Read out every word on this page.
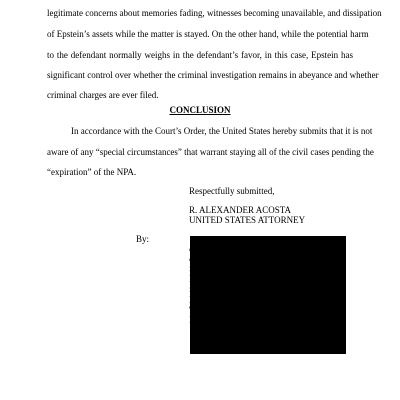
legitimate concerns about memories fading, witnesses becoming unavailable, and dissipation
of Epstein’s assets while the matter is stayed. On the other hand, while the potential harm
to the defendant normally weighs in the defendant’s favor, in this case, Epstein has
significant control over whether the criminal investigation remains in abeyance and whether
criminal charges are ever filed.
CONCLUSION
In accordance with the Court’s Order, the United States hereby submits that it is not
aware of any “special circumstances” that warrant staying all of the civil cases pending the
“expiration” of the NPA.
Respectfully submitted,
R. ALEXANDER ACOSTA
UNITED STATES ATTORNEY
By:
